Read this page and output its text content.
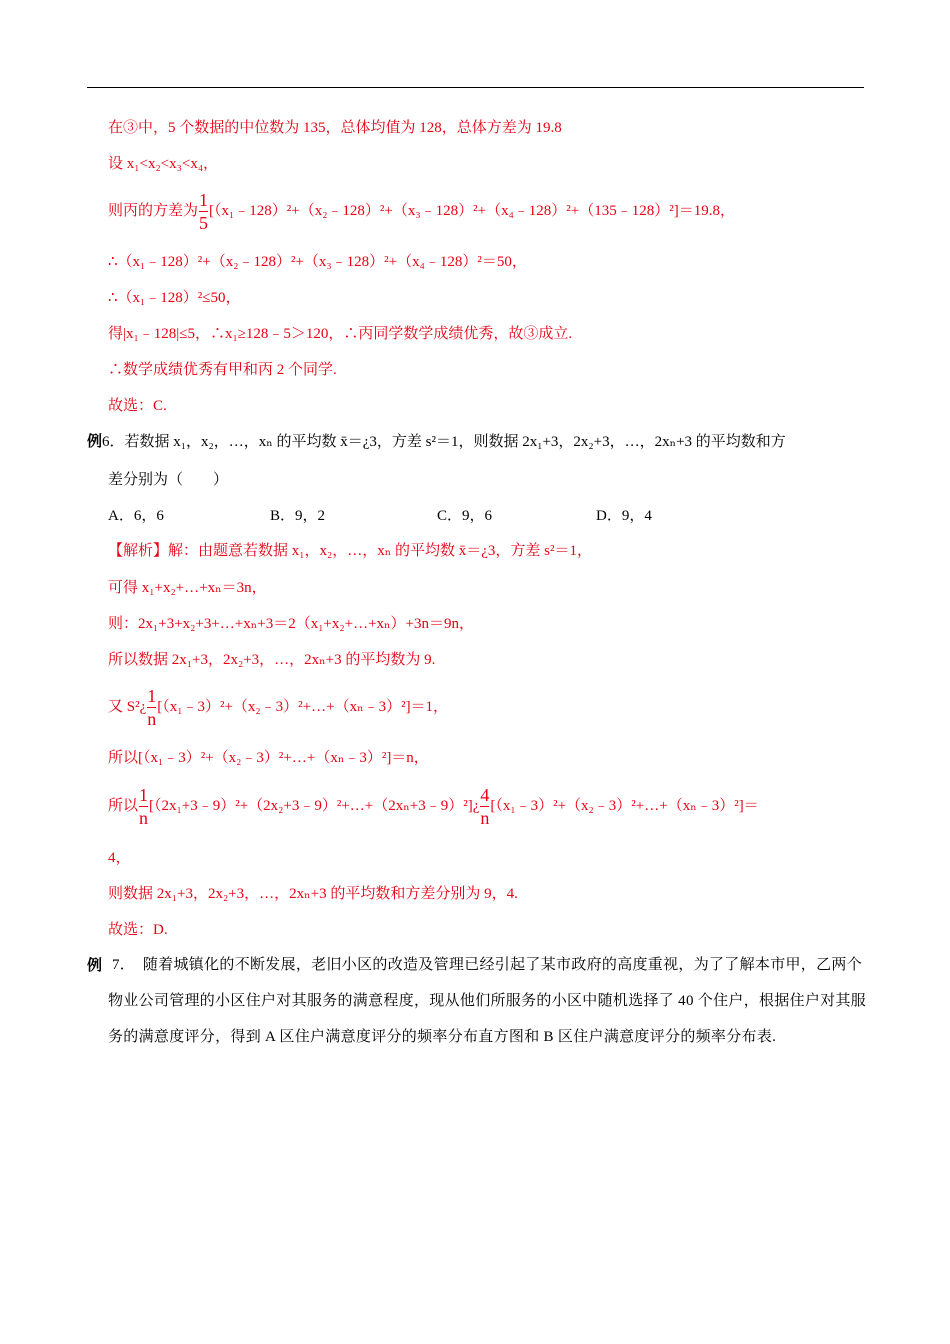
在③中，5 个数据的中位数为 135，总体均值为 128，总体方差为 19.8
设 x₁<x₂<x₃<x₄，
则丙的方差为 $\frac{1}{5}$ [（x₁﹣128）²+（x₂﹣128）²+（x₃﹣128）²+（x₄﹣128）²+（135﹣128）²]＝19.8，
∴（x₁﹣128）²+（x₂﹣128）²+（x₃﹣128）²+（x₄﹣128）²＝50，
∴（x₁﹣128）²≤50，
得|x₁﹣128|≤5，∴x₁≥128﹣5＞120，∴丙同学数学成绩优秀，故③成立.
∴数学成绩优秀有甲和丙 2 个同学.
故选：C.
例6．若数据 x₁，x₂，…，xₙ 的平均数 x̄＝¿3，方差 s²＝1，则数据 2x₁+3，2x₂+3，…，2xₙ+3 的平均数和方
差分别为（　　）
A．6，6	B．9，2	C．9，6	D．9，4
【解析】解：由题意若数据 x₁，x₂，…，xₙ 的平均数 x̄＝¿3，方差 s²＝1，
可得 x₁+x₂+…+xₙ＝3n，
则：2x₁+3+x₂+3+…+xₙ+3＝2（x₁+x₂+…+xₙ）+3n＝9n，
所以数据 2x₁+3，2x₂+3，…，2xₙ+3 的平均数为 9.
又 S²¿ $\frac{1}{n}$ [（x₁﹣3）²+（x₂﹣3）²+…+（xₙ﹣3）²]＝1，
所以[（x₁﹣3）²+（x₂﹣3）²+…+（xₙ﹣3）²]＝n，
所以 $\frac{1}{n}$ [（2x₁+3﹣9）²+（2x₂+3﹣9）²+…+（2xₙ+3﹣9）²]¿ $\frac{4}{n}$ [（x₁﹣3）²+（x₂﹣3）²+…+（xₙ﹣3）²]＝
4，
则数据 2x₁+3，2x₂+3，…，2xₙ+3 的平均数和方差分别为 9，4.
故选：D.
例 7．　随着城镇化的不断发展，老旧小区的改造及管理已经引起了某市政府的高度重视，为了了解本市甲，乙两个物业公司管理的小区住户对其服务的满意程度，现从他们所服务的小区中随机选择了 40 个住户，根据住户对其服务的满意度评分，得到 A 区住户满意度评分的频率分布直方图和 B 区住户满意度评分的频率分布表.
